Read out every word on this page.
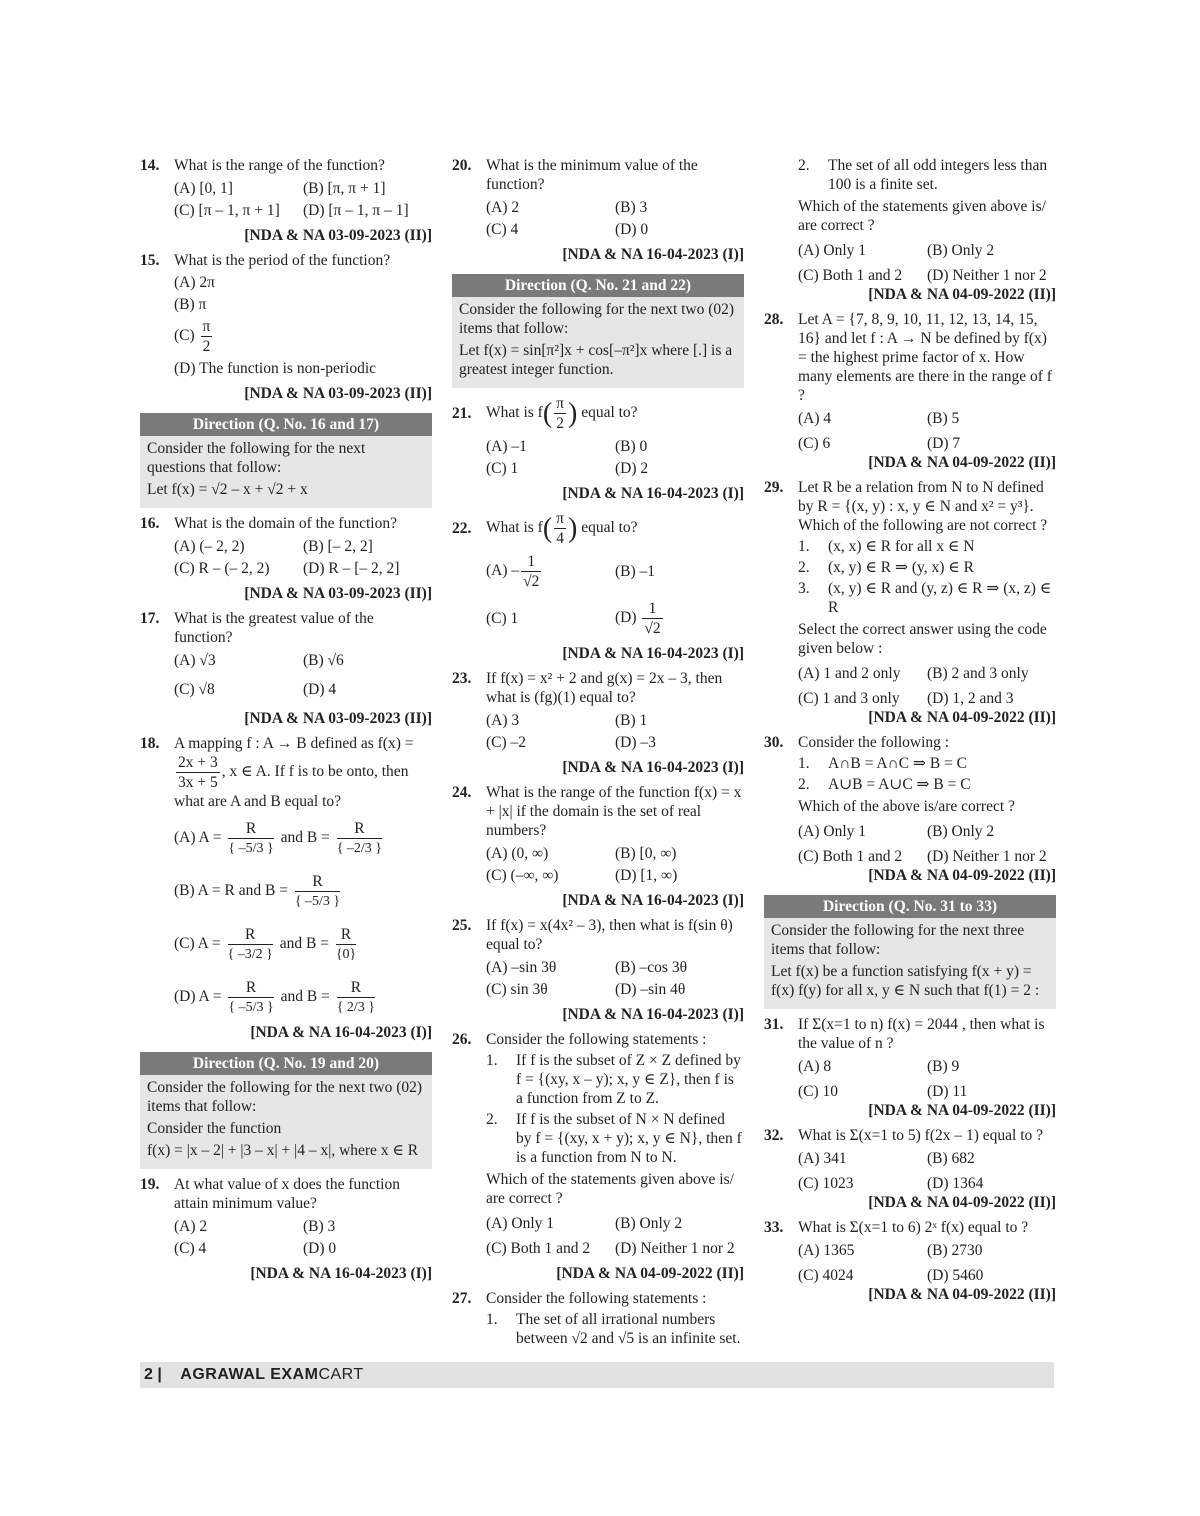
14. What is the range of the function?
(A) [0, 1]	(B) [π, π + 1]
(C) [π – 1, π + 1]	(D) [π – 1, π – 1]
[NDA & NA 03-09-2023 (II)]
15. What is the period of the function?
(A) 2π
(B) π
$(C) \frac{\pi}{2}$
(D) The function is non-periodic
[NDA & NA 03-09-2023 (II)]
Direction (Q. No. 16 and 17)

Consider the following for the next questions that follow:

Let f(x) = √2 – x + √2 + x

16. What is the domain of the function?
(A) (– 2, 2)	(B) [– 2, 2]
(C) R – (– 2, 2)	(D) R – [– 2, 2]
[NDA & NA 03-09-2023 (II)]
17. What is the greatest value of the function?
(A) √3	(B) √6
(C) √8	(D) 4
[NDA & NA 03-09-2023 (II)]
18. A mapping f : A → B defined as f(x) =
$\frac{2x + 3}{3x + 5}$ , x ∈ A. If f is to be onto, then what are A and B equal to?
(A) $A = \frac{R}{\{ -5/3 \}}$ and $B = \frac{R}{\{ -2/3 \}}$
(B) A = R and $B = \frac{R}{\{ -5/3 \}}$
(C) $A = \frac{R}{\{ -3/2 \}}$ and $B = \frac{R}{\{0\}}$
(D) $A = \frac{R}{\{ -5/3 \}}$ and $B = \frac{R}{\{ 2/3 \}}$
[NDA & NA 16-04-2023 (I)]
Direction (Q. No. 19 and 20)

Consider the following for the next two (02) items that follow:

Consider the function

f(x) = |x – 2| + |3 – x| + |4 – x|, where x ∈ R

19. At what value of x does the function attain minimum value?
(A) 2	(B) 3
(C) 4	(D) 0
[NDA & NA 16-04-2023 (I)]
20. What is the minimum value of the function?
(A) 2	(B) 3
(C) 4	(D) 0
[NDA & NA 16-04-2023 (I)]
Direction (Q. No. 21 and 22)

Consider the following for the next two (02) items that follow:

Let f(x) = sin[π²]x + cos[–π²]x where [.] is a greatest integer function.

21. What is $f( \frac{\pi}{2}$ ) equal to?
(A) –1	(B) 0
(C) 1	(D) 2
[NDA & NA 16-04-2023 (I)]
22. What is $f( \frac{\pi}{4}$ ) equal to?
$(A) - \frac{1}{√2}$	(B) –1
(C) 1	$(D) \frac{1}{√2}$
[NDA & NA 16-04-2023 (I)]
23. If f(x) = x² + 2 and g(x) = 2x – 3, then what is (fg)(1) equal to?
(A) 3	(B) 1
(C) –2	(D) –3
[NDA & NA 16-04-2023 (I)]
24. What is the range of the function f(x) = x + |x| if the domain is the set of real numbers?
(A) (0, ∞)	(B) [0, ∞)
(C) (–∞, ∞)	(D) [1, ∞)
[NDA & NA 16-04-2023 (I)]
25. If f(x) = x(4x² – 3), then what is f(sin θ) equal to?
(A) –sin 3θ	(B) –cos 3θ
(C) sin 3θ	(D) –sin 4θ
[NDA & NA 16-04-2023 (I)]
26. Consider the following statements :
1.	If f is the subset of Z × Z defined by f = {(xy, x – y); x, y ∈ Z}, then f is a function from Z to Z.
2.	If f is the subset of N × N defined by f = {(xy, x + y); x, y ∈ N}, then f is a function from N to N.
Which of the statements given above is/ are correct ?
(A) Only 1	(B) Only 2
(C) Both 1 and 2	(D) Neither 1 nor 2
[NDA & NA 04-09-2022 (II)]
27. Consider the following statements :
1.	The set of all irrational numbers between √2 and √5 is an infinite set.
2.	The set of all odd integers less than 100 is a finite set.
Which of the statements given above is/ are correct ?
(A) Only 1	(B) Only 2
(C) Both 1 and 2	(D) Neither 1 nor 2
[NDA & NA 04-09-2022 (II)]
28. Let A = {7, 8, 9, 10, 11, 12, 13, 14, 15, 16} and let f : A → N be defined by f(x) = the highest prime factor of x. How many elements are there in the range of f ?
(A) 4	(B) 5
(C) 6	(D) 7
[NDA & NA 04-09-2022 (II)]
29. Let R be a relation from N to N defined by R = {(x, y) : x, y ∈ N and x² = y³}. Which of the following are not correct ?
1.	(x, x) ∈ R for all x ∈ N
2.	(x, y) ∈ R ⇒ (y, x) ∈ R
3.	(x, y) ∈ R and (y, z) ∈ R ⇒ (x, z) ∈ R
Select the correct answer using the code given below :
(A) 1 and 2 only	(B) 2 and 3 only
(C) 1 and 3 only	(D) 1, 2 and 3
[NDA & NA 04-09-2022 (II)]
30. Consider the following :
1.	A∩B = A∩C ⇒ B = C
2.	A∪B = A∪C ⇒ B = C
Which of the above is/are correct ?
(A) Only 1	(B) Only 2
(C) Both 1 and 2	(D) Neither 1 nor 2
[NDA & NA 04-09-2022 (II)]
Direction (Q. No. 31 to 33)

Consider the following for the next three items that follow:

Let f(x) be a function satisfying f(x + y) = f(x) f(y) for all x, y ∈ N such that f(1) = 2 :

31. If Σ(x=1 to n) f(x) = 2044 , then what is the value of n ?
(A) 8	(B) 9
(C) 10	(D) 11
[NDA & NA 04-09-2022 (II)]
32. What is Σ(x=1 to 5) f(2x – 1) equal to ?
(A) 341	(B) 682
(C) 1023	(D) 1364
[NDA & NA 04-09-2022 (II)]
33. What is Σ(x=1 to 6) 2ˣ f(x) equal to ?
(A) 1365	(B) 2730
(C) 4024	(D) 5460
[NDA & NA 04-09-2022 (II)]
2 | AGRAWAL EXAMCART
